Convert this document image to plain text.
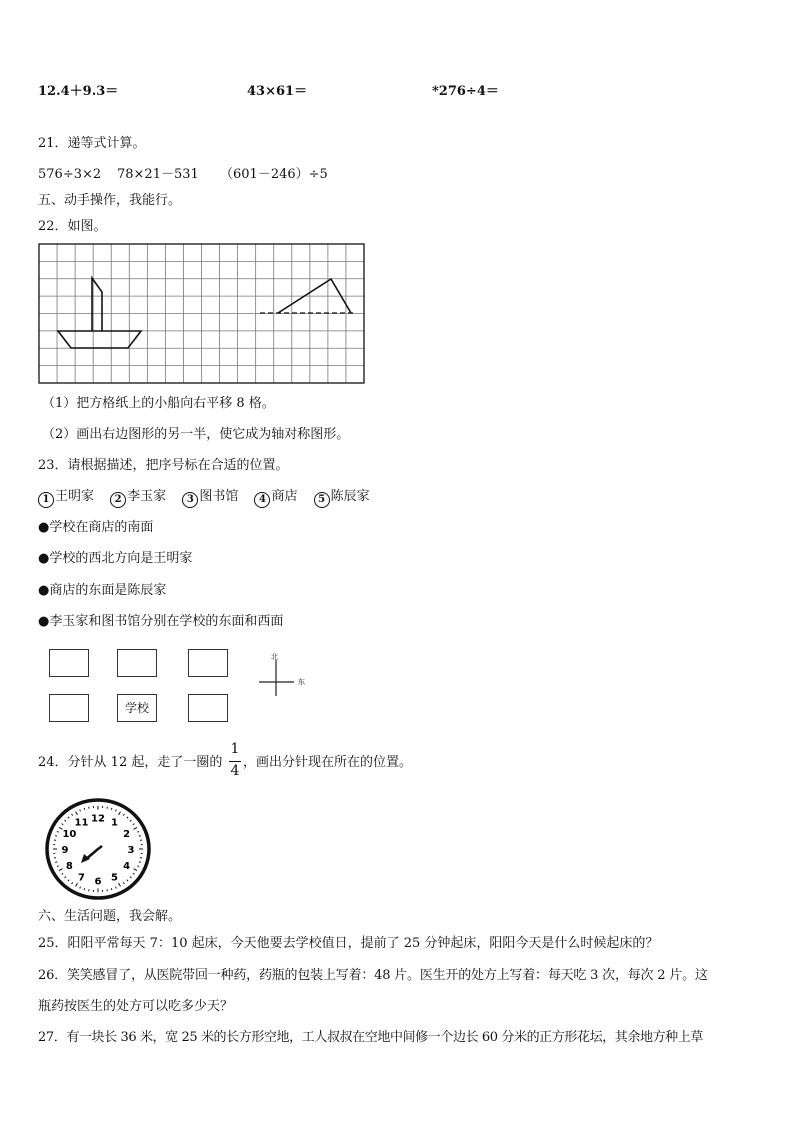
12.4＋9.3＝	43×61＝	*276÷4＝
21．递等式计算。
576÷3×2 78×21－531 （601－246）÷5
五、动手操作，我能行。
22．如图。
（1）把方格纸上的小船向右平移 8 格。
（2）画出右边图形的另一半，使它成为轴对称图形。
23．请根据描述，把序号标在合适的位置。
1 王明家 2 李玉家 3 图书馆 4 商店 5 陈辰家
●学校在商店的南面
●学校的西北方向是王明家
●商店的东面是陈辰家
●李玉家和图书馆分别在学校的东面和西面
学校
北
东
24．分针从 12 起，走了一圈的
1
4
，画出分针现在所在的位置。
12 1
2
3
4
5
6
7
8
9
10
11
六、生活问题，我会解。
25．阳阳平常每天 7：10 起床，今天他要去学校值日，提前了 25 分钟起床，阳阳今天是什么时候起床的？
26．笑笑感冒了，从医院带回一种药，药瓶的包装上写着：48 片。医生开的处方上写着：每天吃 3 次，每次 2 片。这
瓶药按医生的处方可以吃多少天？
27．有一块长 36 米，宽 25 米的长方形空地，工人叔叔在空地中间修一个边长 60 分米的正方形花坛，其余地方种上草
